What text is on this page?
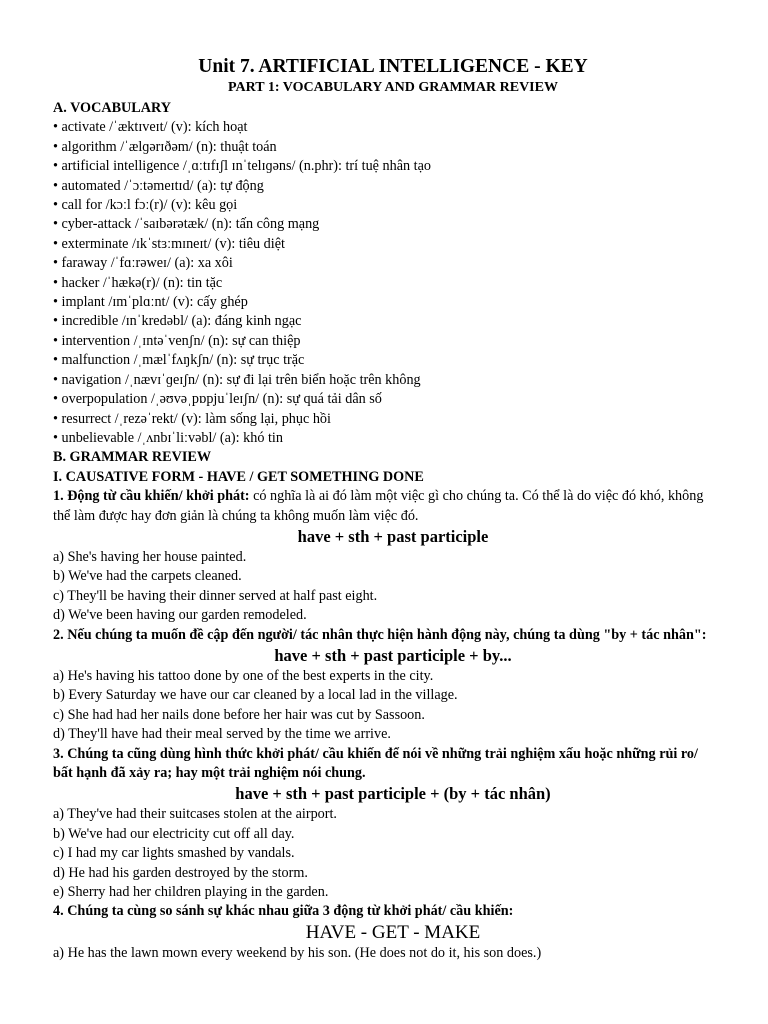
Unit 7. ARTIFICIAL INTELLIGENCE - KEY
PART 1: VOCABULARY AND GRAMMAR REVIEW
A. VOCABULARY
• activate /ˈæktɪveɪt/ (v): kích hoạt
• algorithm /ˈælɡərɪðəm/ (n): thuật toán
• artificial intelligence /ˌɑːtɪfɪʃl ɪnˈtelɪɡəns/ (n.phr): trí tuệ nhân tạo
• automated /ˈɔːtəmeɪtɪd/ (a): tự động
• call for /kɔːl fɔː(r)/ (v): kêu gọi
• cyber-attack /ˈsaɪbərətæk/ (n): tấn công mạng
• exterminate /ɪkˈstɜːmɪneɪt/ (v): tiêu diệt
• faraway /ˈfɑːrəweɪ/ (a): xa xôi
• hacker /ˈhækə(r)/ (n): tin tặc
• implant /ɪmˈplɑːnt/ (v): cấy ghép
• incredible /ɪnˈkredəbl/ (a): đáng kinh ngạc
• intervention /ˌɪntəˈvenʃn/ (n): sự can thiệp
• malfunction /ˌmælˈfʌŋkʃn/ (n): sự trục trặc
• navigation /ˌnævɪˈɡeɪʃn/ (n): sự đi lại trên biển hoặc trên không
• overpopulation /ˌəʊvəˌpɒpjuˈleɪʃn/ (n): sự quá tải dân số
• resurrect /ˌrezəˈrekt/ (v): làm sống lại, phục hồi
• unbelievable /ˌʌnbɪˈliːvəbl/ (a): khó tin
B. GRAMMAR REVIEW
I. CAUSATIVE FORM - HAVE / GET SOMETHING DONE
1. Động từ cầu khiến/ khởi phát: có nghĩa là ai đó làm một việc gì cho chúng ta. Có thể là do việc đó khó, không thể làm được hay đơn giản là chúng ta không muốn làm việc đó.
have + sth + past participle
a) She's having her house painted.
b) We've had the carpets cleaned.
c) They'll be having their dinner served at half past eight.
d) We've been having our garden remodeled.
2. Nếu chúng ta muốn đề cập đến người/ tác nhân thực hiện hành động này, chúng ta dùng "by + tác nhân":
have + sth + past participle + by...
a) He's having his tattoo done by one of the best experts in the city.
b) Every Saturday we have our car cleaned by a local lad in the village.
c) She had had her nails done before her hair was cut by Sassoon.
d) They'll have had their meal served by the time we arrive.
3. Chúng ta cũng dùng hình thức khởi phát/ cầu khiến để nói về những trải nghiệm xấu hoặc những rủi ro/ bất hạnh đã xảy ra; hay một trải nghiệm nói chung.
have + sth + past participle + (by + tác nhân)
a) They've had their suitcases stolen at the airport.
b) We've had our electricity cut off all day.
c) I had my car lights smashed by vandals.
d) He had his garden destroyed by the storm.
e) Sherry had her children playing in the garden.
4. Chúng ta cùng so sánh sự khác nhau giữa 3 động từ khởi phát/ cầu khiến:
HAVE - GET - MAKE
a) He has the lawn mown every weekend by his son. (He does not do it, his son does.)
